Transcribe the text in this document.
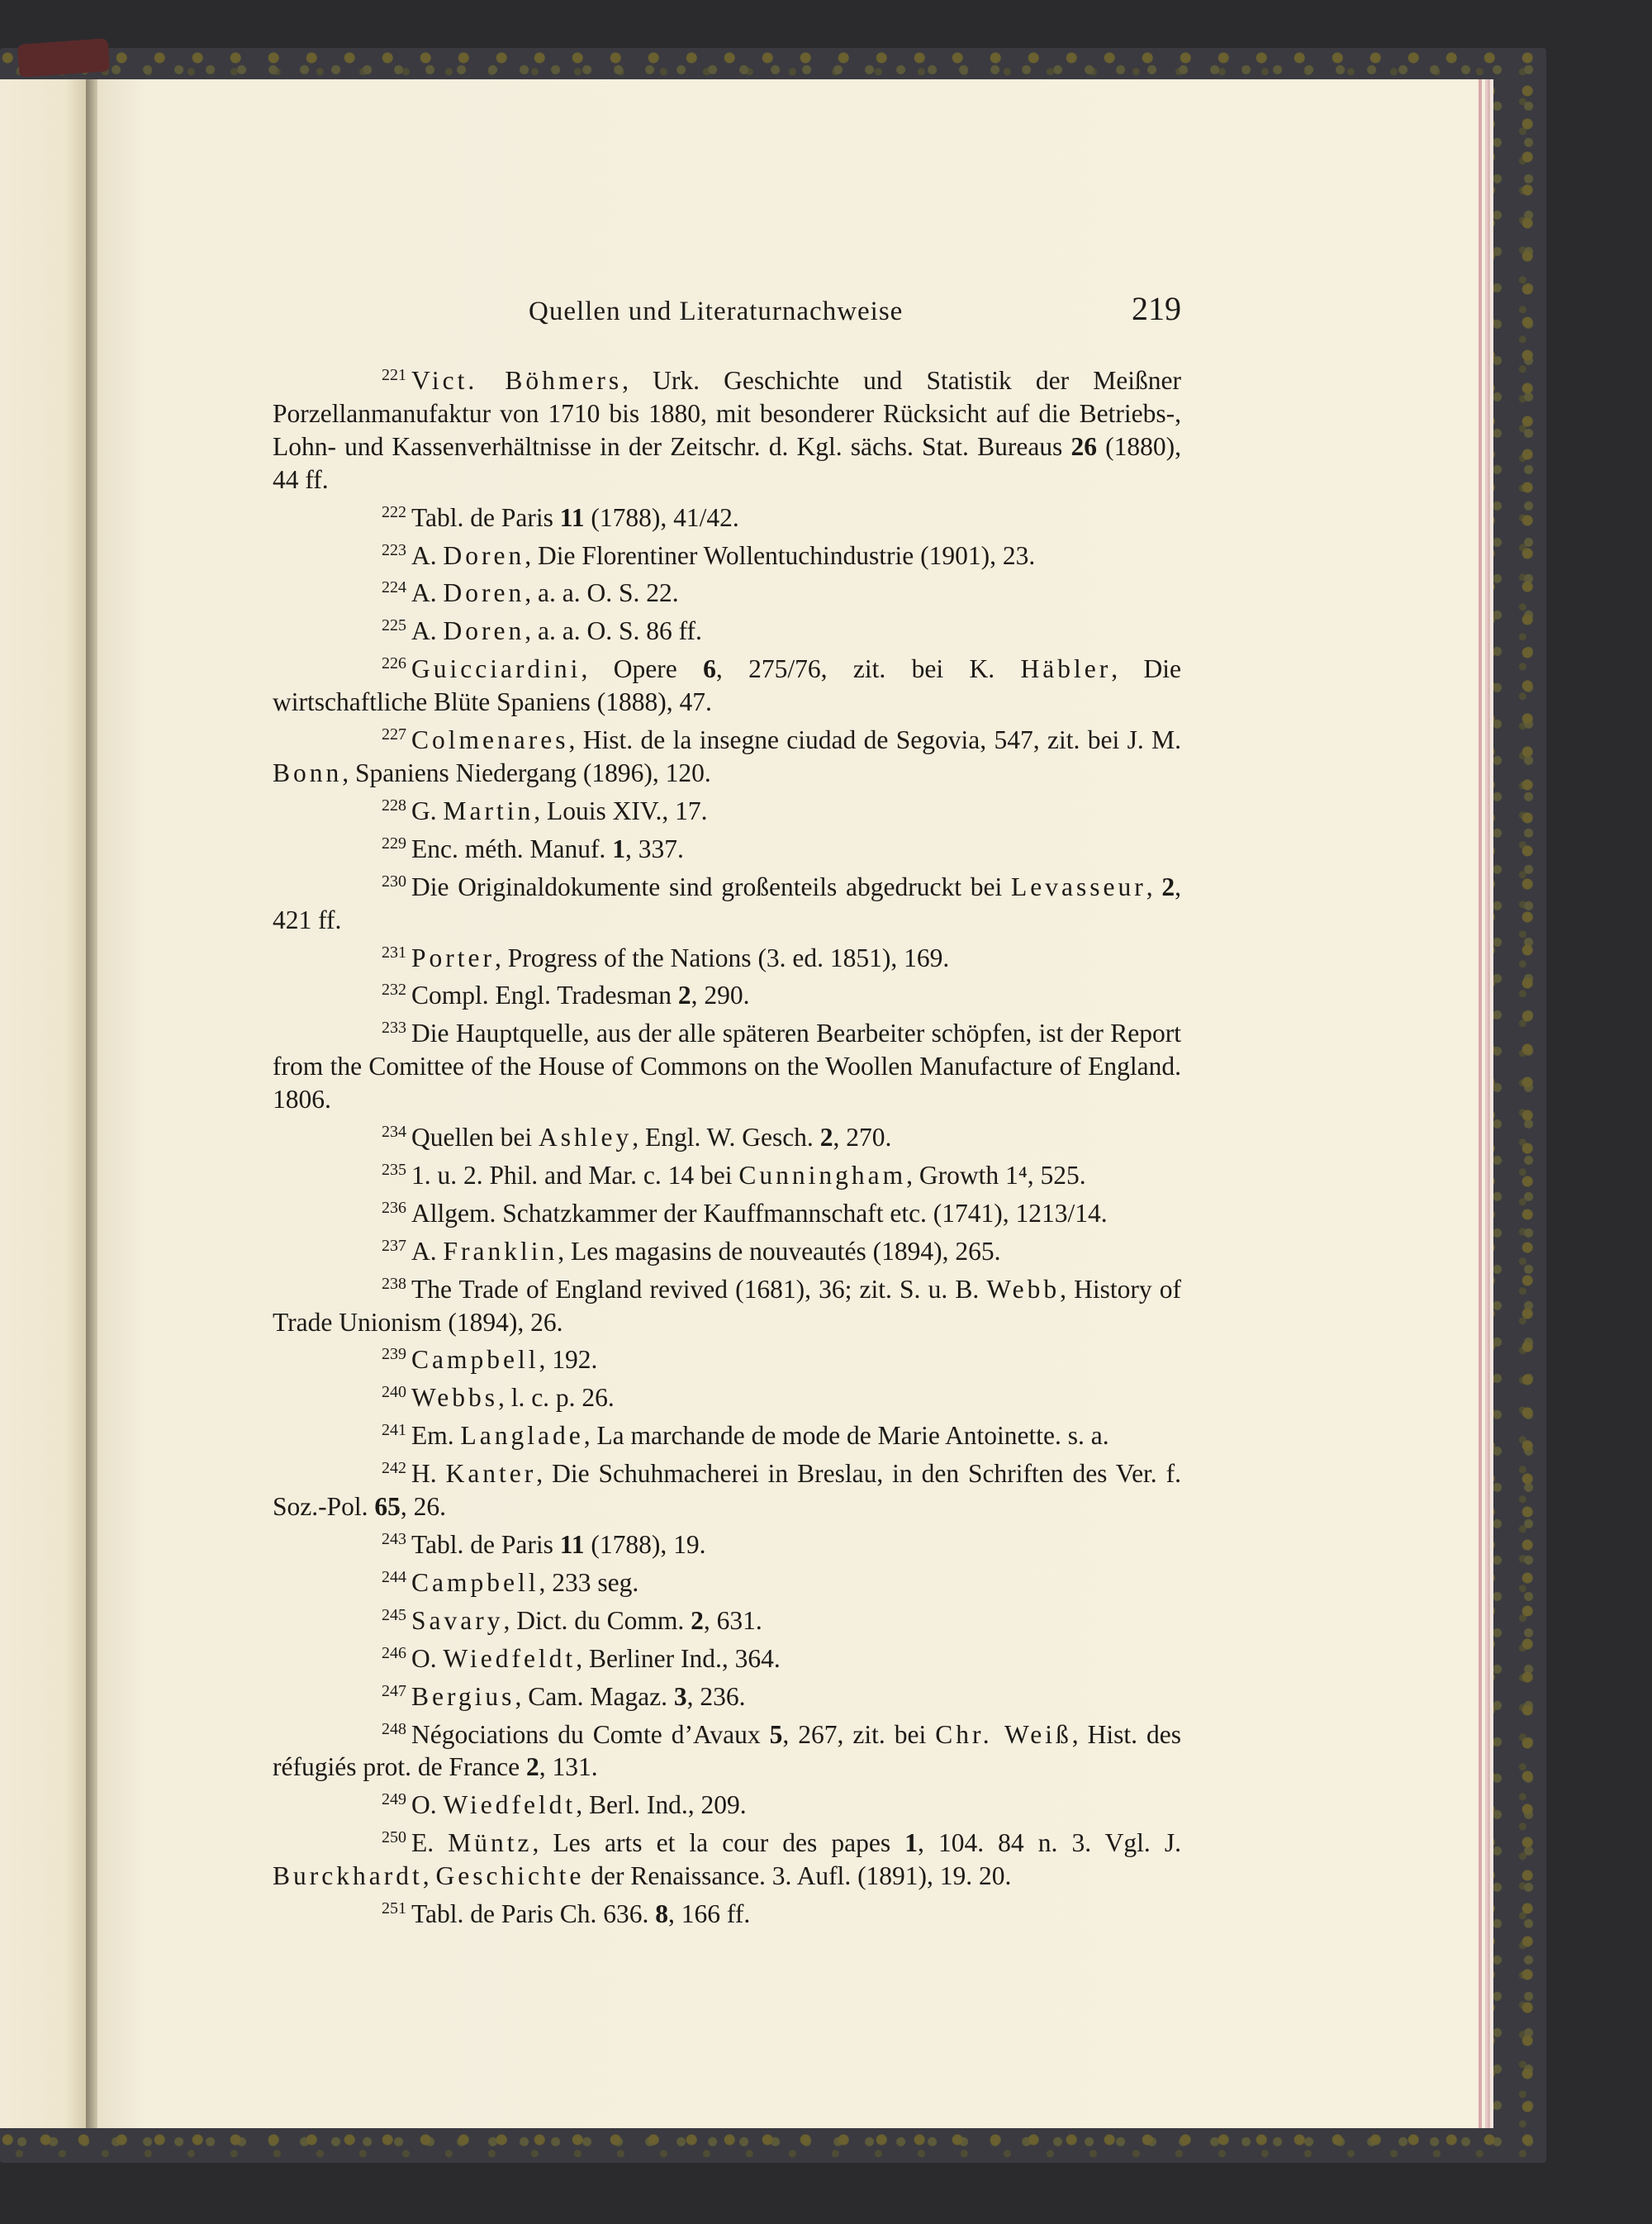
Quellen und Literaturnachweise	219

$^{221}$ Vict. Böhmers, Urk. Geschichte und Statistik der Meißner Porzellanmanufaktur von 1710 bis 1880, mit besonderer Rücksicht auf die Betriebs-, Lohn- und Kassenverhältnisse in der Zeitschr. d. Kgl. sächs. Stat. Bureaus 26 (1880), 44 ff.

$^{222}$ Tabl. de Paris 11 (1788), 41/42.

$^{223}$ A. Doren, Die Florentiner Wollentuchindustrie (1901), 23.

$^{224}$ A. Doren, a. a. O. S. 22.

$^{225}$ A. Doren, a. a. O. S. 86 ff.

$^{226}$ Guicciardini, Opere 6, 275/76, zit. bei K. Häbler, Die wirtschaftliche Blüte Spaniens (1888), 47.

$^{227}$ Colmenares, Hist. de la insegne ciudad de Segovia, 547, zit. bei J. M. Bonn, Spaniens Niedergang (1896), 120.

$^{228}$ G. Martin, Louis XIV., 17.

$^{229}$ Enc. méth. Manuf. 1, 337.

$^{230}$ Die Originaldokumente sind großenteils abgedruckt bei Levasseur, 2, 421 ff.

$^{231}$ Porter, Progress of the Nations (3. ed. 1851), 169.

$^{232}$ Compl. Engl. Tradesman 2, 290.

$^{233}$ Die Hauptquelle, aus der alle späteren Bearbeiter schöpfen, ist der Report from the Comittee of the House of Commons on the Woollen Manufacture of England. 1806.

$^{234}$ Quellen bei Ashley, Engl. W. Gesch. 2, 270.

$^{235}$ 1. u. 2. Phil. and Mar. c. 14 bei Cunningham, Growth 1⁴, 525.

$^{236}$ Allgem. Schatzkammer der Kauffmannschaft etc. (1741), 1213/14.

$^{237}$ A. Franklin, Les magasins de nouveautés (1894), 265.

$^{238}$ The Trade of England revived (1681), 36; zit. S. u. B. Webb, History of Trade Unionism (1894), 26.

$^{239}$ Campbell, 192.

$^{240}$ Webbs, l. c. p. 26.

$^{241}$ Em. Langlade, La marchande de mode de Marie Antoinette. s. a.

$^{242}$ H. Kanter, Die Schuhmacherei in Breslau, in den Schriften des Ver. f. Soz.-Pol. 65, 26.

$^{243}$ Tabl. de Paris 11 (1788), 19.

$^{244}$ Campbell, 233 seg.

$^{245}$ Savary, Dict. du Comm. 2, 631.

$^{246}$ O. Wiedfeldt, Berliner Ind., 364.

$^{247}$ Bergius, Cam. Magaz. 3, 236.

$^{248}$ Négociations du Comte d’Avaux 5, 267, zit. bei Chr. Weiß, Hist. des réfugiés prot. de France 2, 131.

$^{249}$ O. Wiedfeldt, Berl. Ind., 209.

$^{250}$ E. Müntz, Les arts et la cour des papes 1, 104. 84 n. 3. Vgl. J. Burckhardt, Geschichte der Renaissance. 3. Aufl. (1891), 19. 20.

$^{251}$ Tabl. de Paris Ch. 636. 8, 166 ff.
